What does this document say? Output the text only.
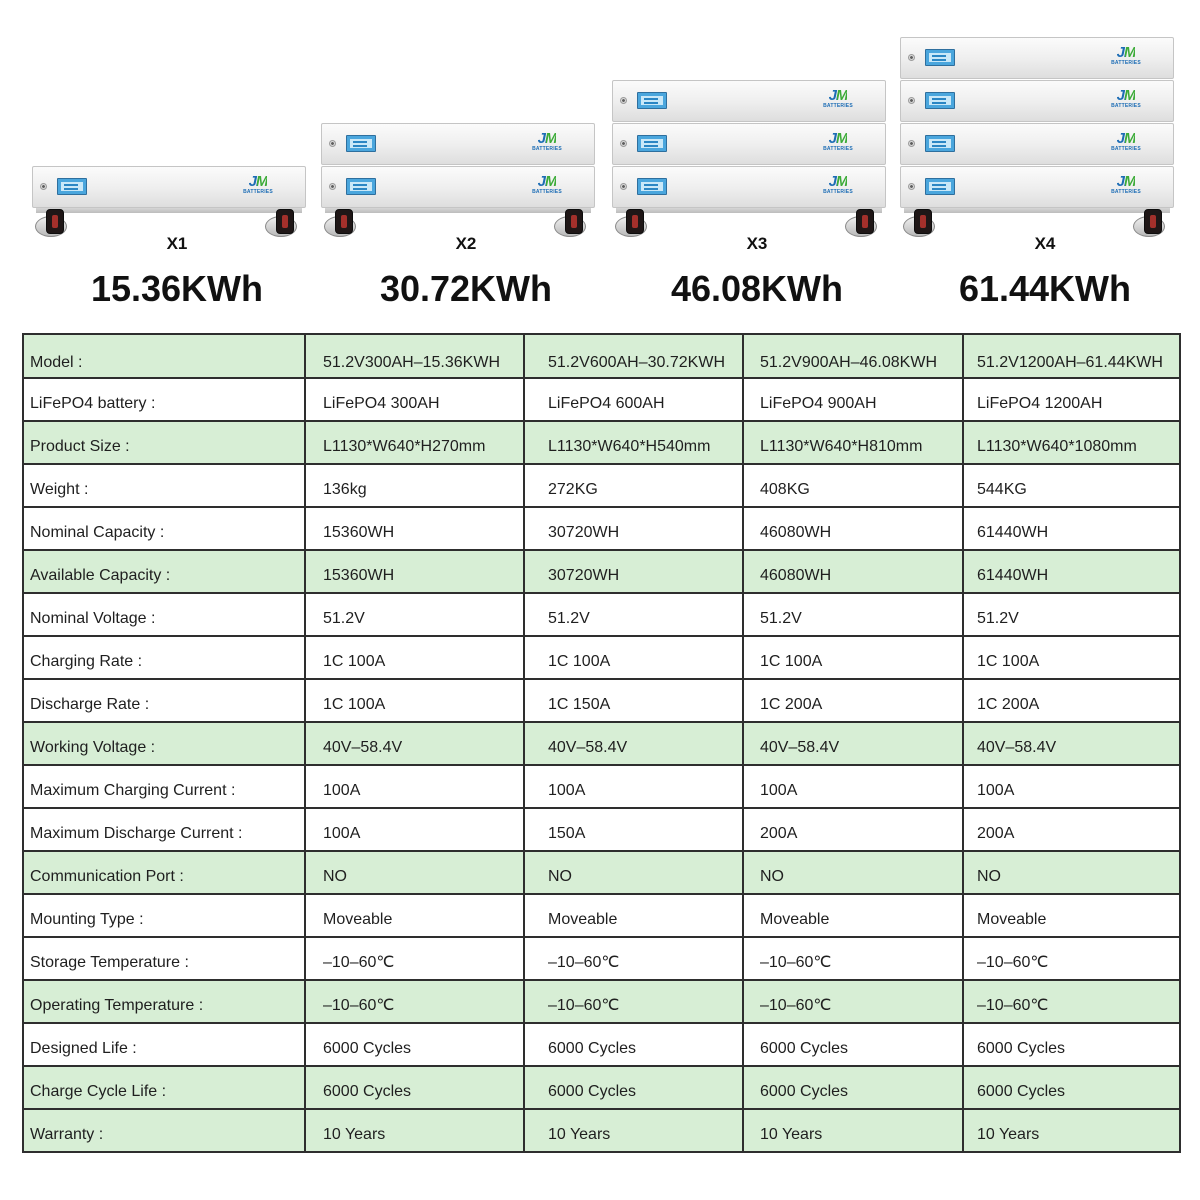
JM
BATTERIES
X1
15.36KWh
JM
BATTERIES
JM
BATTERIES
X2
30.72KWh
JM
BATTERIES
JM
BATTERIES
JM
BATTERIES
X3
46.08KWh
JM
BATTERIES
JM
BATTERIES
JM
BATTERIES
JM
BATTERIES
X4
61.44KWh
Model :	51.2V300AH–15.36KWH	51.2V600AH–30.72KWH	51.2V900AH–46.08KWH	51.2V1200AH–61.44KWH
LiFePO4 battery :	LiFePO4 300AH	LiFePO4 600AH	LiFePO4 900AH	LiFePO4 1200AH
Product Size :	L1130*W640*H270mm	L1130*W640*H540mm	L1130*W640*H810mm	L1130*W640*1080mm
Weight :	136kg	272KG	408KG	544KG
Nominal Capacity :	15360WH	30720WH	46080WH	61440WH
Available Capacity :	15360WH	30720WH	46080WH	61440WH
Nominal Voltage :	51.2V	51.2V	51.2V	51.2V
Charging Rate :	1C 100A	1C 100A	1C 100A	1C 100A
Discharge Rate :	1C 100A	1C 150A	1C 200A	1C 200A
Working Voltage :	40V–58.4V	40V–58.4V	40V–58.4V	40V–58.4V
Maximum Charging Current :	100A	100A	100A	100A
Maximum Discharge Current :	100A	150A	200A	200A
Communication Port :	NO	NO	NO	NO
Mounting Type :	Moveable	Moveable	Moveable	Moveable
Storage Temperature :	–10–60℃	–10–60℃	–10–60℃	–10–60℃
Operating Temperature :	–10–60℃	–10–60℃	–10–60℃	–10–60℃
Designed Life :	6000 Cycles	6000 Cycles	6000 Cycles	6000 Cycles
Charge Cycle Life :	6000 Cycles	6000 Cycles	6000 Cycles	6000 Cycles
Warranty :	10 Years	10 Years	10 Years	10 Years
